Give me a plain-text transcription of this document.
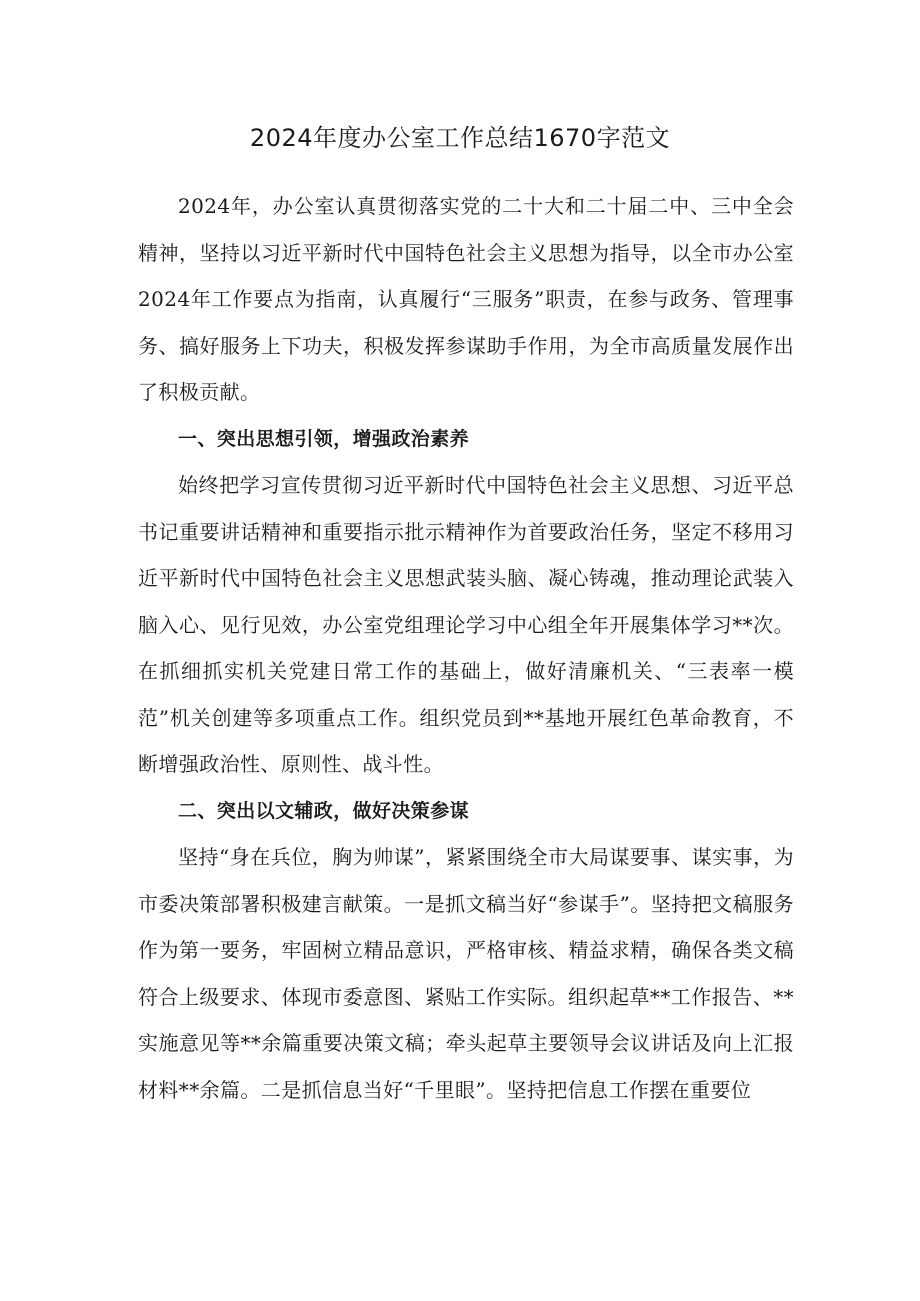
2024年度办公室工作总结1670字范文

2024年，办公室认真贯彻落实党的二十大和二十届二中、三中全会精神，坚持以习近平新时代中国特色社会主义思想为指导，以全市办公室2024年工作要点为指南，认真履行“三服务”职责，在参与政务、管理事务、搞好服务上下功夫，积极发挥参谋助手作用，为全市高质量发展作出了积极贡献。

一、突出思想引领，增强政治素养

始终把学习宣传贯彻习近平新时代中国特色社会主义思想、习近平总书记重要讲话精神和重要指示批示精神作为首要政治任务，坚定不移用习近平新时代中国特色社会主义思想武装头脑、凝心铸魂，推动理论武装入脑入心、见行见效，办公室党组理论学习中心组全年开展集体学习**次。在抓细抓实机关党建日常工作的基础上，做好清廉机关、“三表率一模范”机关创建等多项重点工作。组织党员到**基地开展红色革命教育，不断增强政治性、原则性、战斗性。

二、突出以文辅政，做好决策参谋

坚持“身在兵位，胸为帅谋”，紧紧围绕全市大局谋要事、谋实事，为市委决策部署积极建言献策。一是抓文稿当好“参谋手”。坚持把文稿服务作为第一要务，牢固树立精品意识，严格审核、精益求精，确保各类文稿符合上级要求、体现市委意图、紧贴工作实际。组织起草**工作报告、**实施意见等**余篇重要决策文稿；牵头起草主要领导会议讲话及向上汇报材料**余篇。二是抓信息当好“千里眼”。坚持把信息工作摆在重要位
